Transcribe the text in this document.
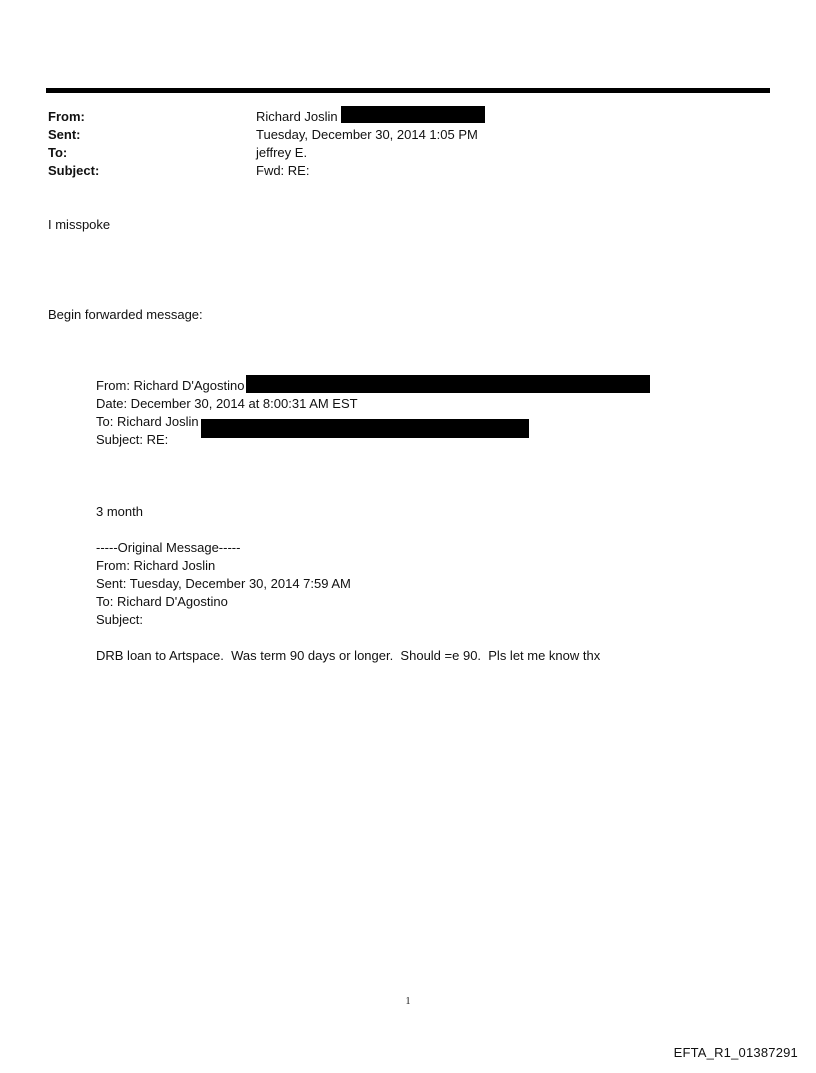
From:
Sent:
To:
Subject:
Richard Joslin
Tuesday, December 30, 2014 1:05 PM
jeffrey E.
Fwd: RE:
I misspoke
Begin forwarded message:
From: Richard D'Agostino
Date: December 30, 2014 at 8:00:31 AM EST
To: Richard Joslin
Subject: RE:
3 month
-----Original Message-----
From: Richard Joslin
Sent: Tuesday, December 30, 2014 7:59 AM
To: Richard D'Agostino
Subject:
DRB loan to Artspace.  Was term 90 days or longer.  Should =e 90.  Pls let me know thx
1
EFTA_R1_01387291
